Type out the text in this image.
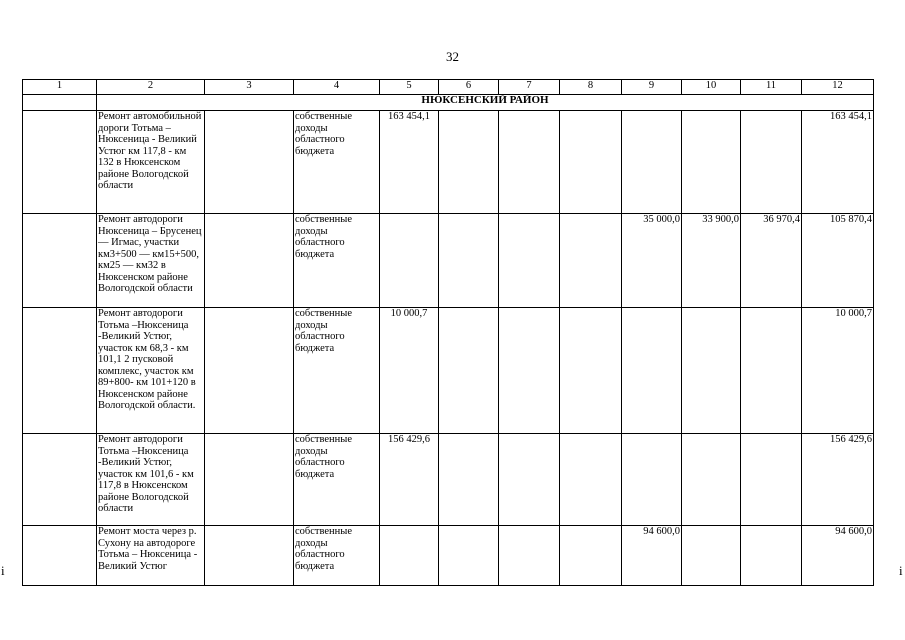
32
1	2	3	4	5	6	7	8	9	10	11	12
	НЮКСЕНСКИЙ РАЙОН										
	Ремонт автомобильной дороги Тотьма – Нюксеница - Великий Устюг км 117,8 - км 132 в Нюксенском районе Вологодской области		собственные доходы областного бюджета	163 454,1							163 454,1
	Ремонт автодороги Нюксеница – Брусенец — Игмас, участки км3+500 — км15+500, км25 — км32 в Нюксенском районе Вологодской области		собственные доходы областного бюджета					35 000,0	33 900,0	36 970,4	105 870,4
	Ремонт автодороги Тотьма –Нюксеница -Великий Устюг, участок км 68,3 - км 101,1 2 пусковой комплекс, участок км 89+800- км 101+120 в Нюксенском районе Вологодской области.		собственные доходы областного бюджета	10 000,7							10 000,7
	Ремонт автодороги Тотьма –Нюксеница -Великий Устюг, участок км 101,6 - км 117,8 в Нюксенском районе Вологодской области		собственные доходы областного бюджета	156 429,6							156 429,6
	Ремонт моста через р. Сухону на автодороге Тотьма – Нюксеница - Великий Устюг		собственные доходы областного бюджета					94 600,0			94 600,0
i	i
